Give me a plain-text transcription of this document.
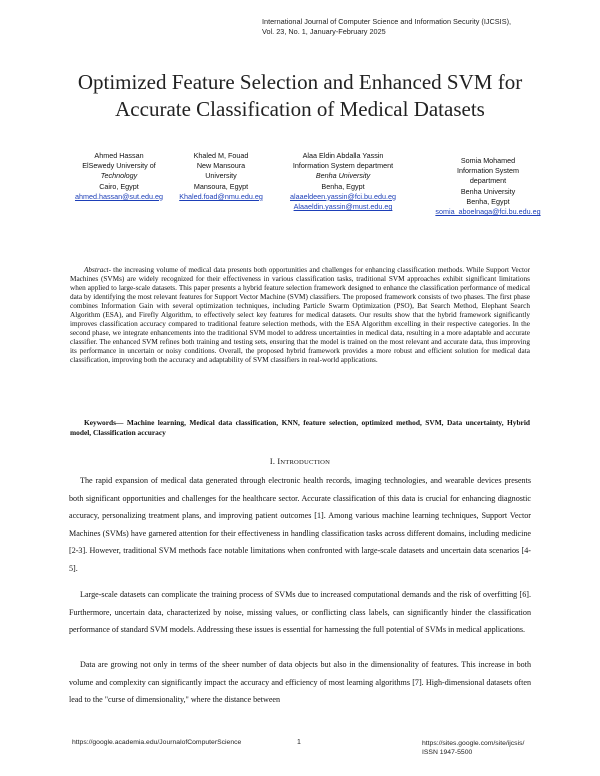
International Journal of Computer Science and Information Security (IJCSIS),
Vol. 23, No. 1, January-February 2025
Optimized Feature Selection and Enhanced SVM for
Accurate Classification of Medical Datasets
Ahmed Hassan
ElSewedy University of
Technology
Cairo, Egypt
ahmed.hassan@sut.edu.eg
Khaled M, Fouad
New Mansoura
University
Mansoura, Egypt
Khaled.foad@nmu.edu.eg
Alaa Eldin Abdalla Yassin
Information System department
Benha University
Benha, Egypt
alaaeldeen.yassin@fci.bu.edu.eg
Alaaeldin.yassin@must.edu.eg
Somia Mohamed
Information System
department
Benha University
Benha, Egypt
somia_aboelnaga@fci.bu.edu.eg
Abstract- the increasing volume of medical data presents both opportunities and challenges for enhancing classification methods. While Support Vector Machines (SVMs) are widely recognized for their effectiveness in various classification tasks, traditional SVM approaches exhibit significant limitations when applied to large-scale datasets. This paper presents a hybrid feature selection framework designed to enhance the classification performance of medical data by identifying the most relevant features for Support Vector Machine (SVM) classifiers. The proposed framework consists of two phases. The first phase combines Information Gain with several optimization techniques, including Particle Swarm Optimization (PSO), Bat Search Method, Elephant Search Algorithm (ESA), and Firefly Algorithm, to effectively select key features for medical datasets. Our results show that the hybrid framework significantly improves classification accuracy compared to traditional feature selection methods, with the ESA Algorithm excelling in their respective categories. In the second phase, we integrate enhancements into the traditional SVM model to address uncertainties in medical data, resulting in a more adaptable and accurate classifier. The enhanced SVM refines both training and testing sets, ensuring that the model is trained on the most relevant and accurate data, thus improving its performance in uncertain or noisy conditions. Overall, the proposed hybrid framework provides a more robust and efficient solution for medical data classification, improving both the accuracy and adaptability of SVM classifiers in real-world applications.
Keywords— Machine learning, Medical data classification, KNN, feature selection, optimized method, SVM, Data uncertainty, Hybrid model, Classification accuracy
I. INTRODUCTION

The rapid expansion of medical data generated through electronic health records, imaging technologies, and wearable devices presents both significant opportunities and challenges for the healthcare sector. Accurate classification of this data is crucial for enhancing diagnostic accuracy, personalizing treatment plans, and improving patient outcomes [1]. Among various machine learning techniques, Support Vector Machines (SVMs) have garnered attention for their effectiveness in handling classification tasks across different domains, including medicine [2-3]. However, traditional SVM methods face notable limitations when confronted with large-scale datasets and uncertain data scenarios [4-5].

Large-scale datasets can complicate the training process of SVMs due to increased computational demands and the risk of overfitting [6]. Furthermore, uncertain data, characterized by noise, missing values, or conflicting class labels, can significantly hinder the classification performance of standard SVM models. Addressing these issues is essential for harnessing the full potential of SVMs in medical applications.

Data are growing not only in terms of the sheer number of data objects but also in the dimensionality of features. This increase in both volume and complexity can significantly impact the accuracy and efficiency of most learning algorithms [7]. High-dimensional datasets often lead to the "curse of dimensionality," where the distance between

https://google.academia.edu/JournalofComputerScience	1	https://sites.google.com/site/ijcsis/
ISSN 1947-5500
